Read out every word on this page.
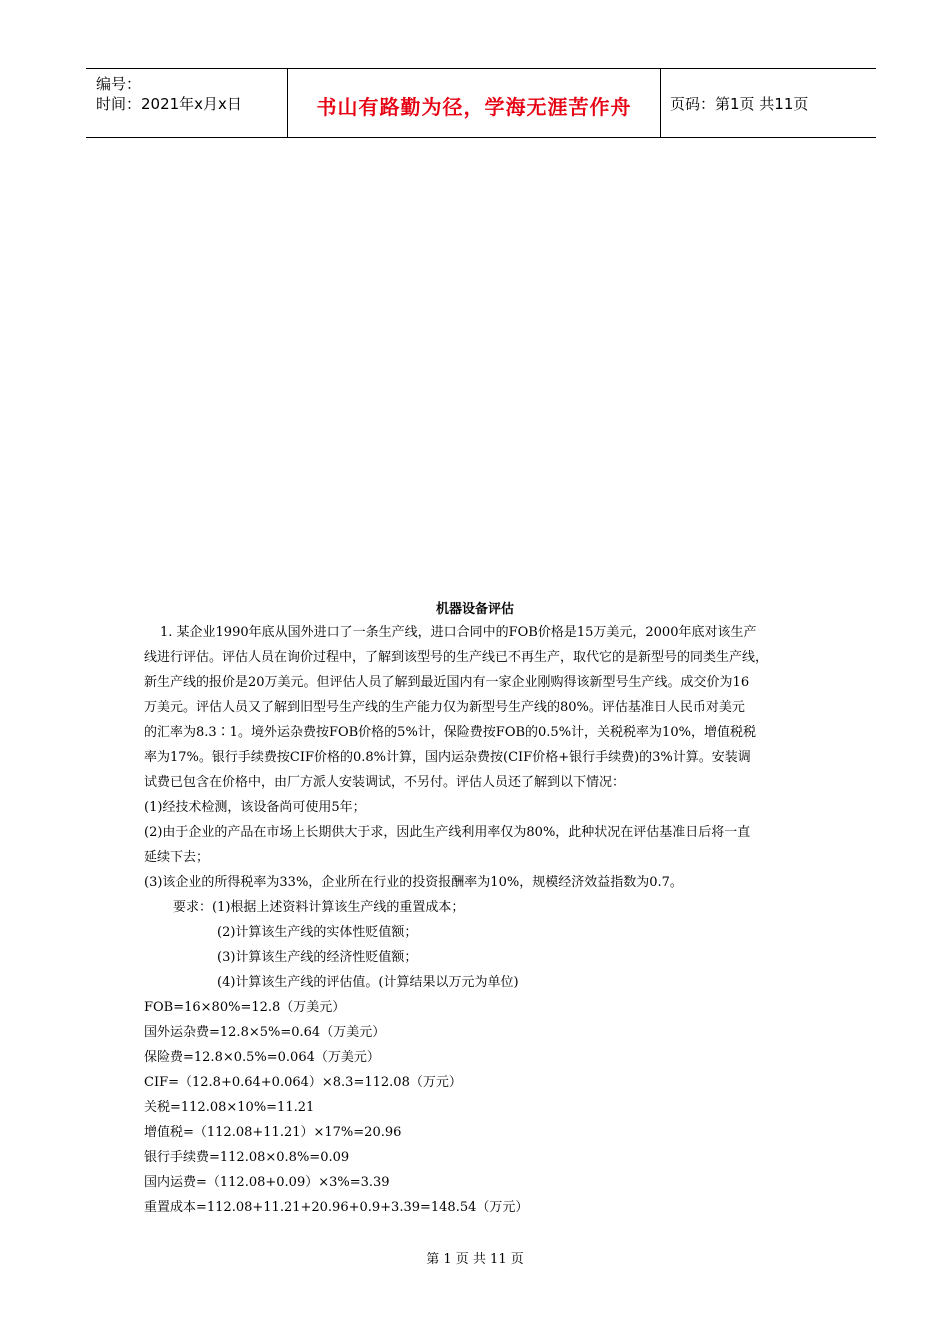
编号：
时间：2021年x月x日	书山有路勤为径，学海无涯苦作舟	页码：第1页 共11页
机器设备评估
1. 某企业1990年底从国外进口了一条生产线，进口合同中的FOB价格是15万美元，2000年底对该生产
线进行评估。评估人员在询价过程中，了解到该型号的生产线已不再生产，取代它的是新型号的同类生产线，
新生产线的报价是20万美元。但评估人员了解到最近国内有一家企业刚购得该新型号生产线。成交价为16
万美元。评估人员又了解到旧型号生产线的生产能力仅为新型号生产线的80%。评估基准日人民币对美元
的汇率为8.3∶1。境外运杂费按FOB价格的5%计，保险费按FOB的0.5%计，关税税率为10%，增值税税
率为17%。银行手续费按CIF价格的0.8%计算，国内运杂费按(CIF价格+银行手续费)的3%计算。安装调
试费已包含在价格中，由厂方派人安装调试，不另付。评估人员还了解到以下情况：
(1)经技术检测，该设备尚可使用5年；
(2)由于企业的产品在市场上长期供大于求，因此生产线利用率仅为80%，此种状况在评估基准日后将一直
延续下去；
(3)该企业的所得税率为33%，企业所在行业的投资报酬率为10%，规模经济效益指数为0.7。
要求：(1)根据上述资料计算该生产线的重置成本；
(2)计算该生产线的实体性贬值额；
(3)计算该生产线的经济性贬值额；
(4)计算该生产线的评估值。(计算结果以万元为单位)
FOB=16×80%=12.8（万美元）
国外运杂费=12.8×5%=0.64（万美元）
保险费=12.8×0.5%=0.064（万美元）
CIF=（12.8+0.64+0.064）×8.3=112.08（万元）
关税=112.08×10%=11.21
增值税=（112.08+11.21）×17%=20.96
银行手续费=112.08×0.8%=0.09
国内运费=（112.08+0.09）×3%=3.39
重置成本=112.08+11.21+20.96+0.9+3.39=148.54（万元）
第 1 页 共 11 页
